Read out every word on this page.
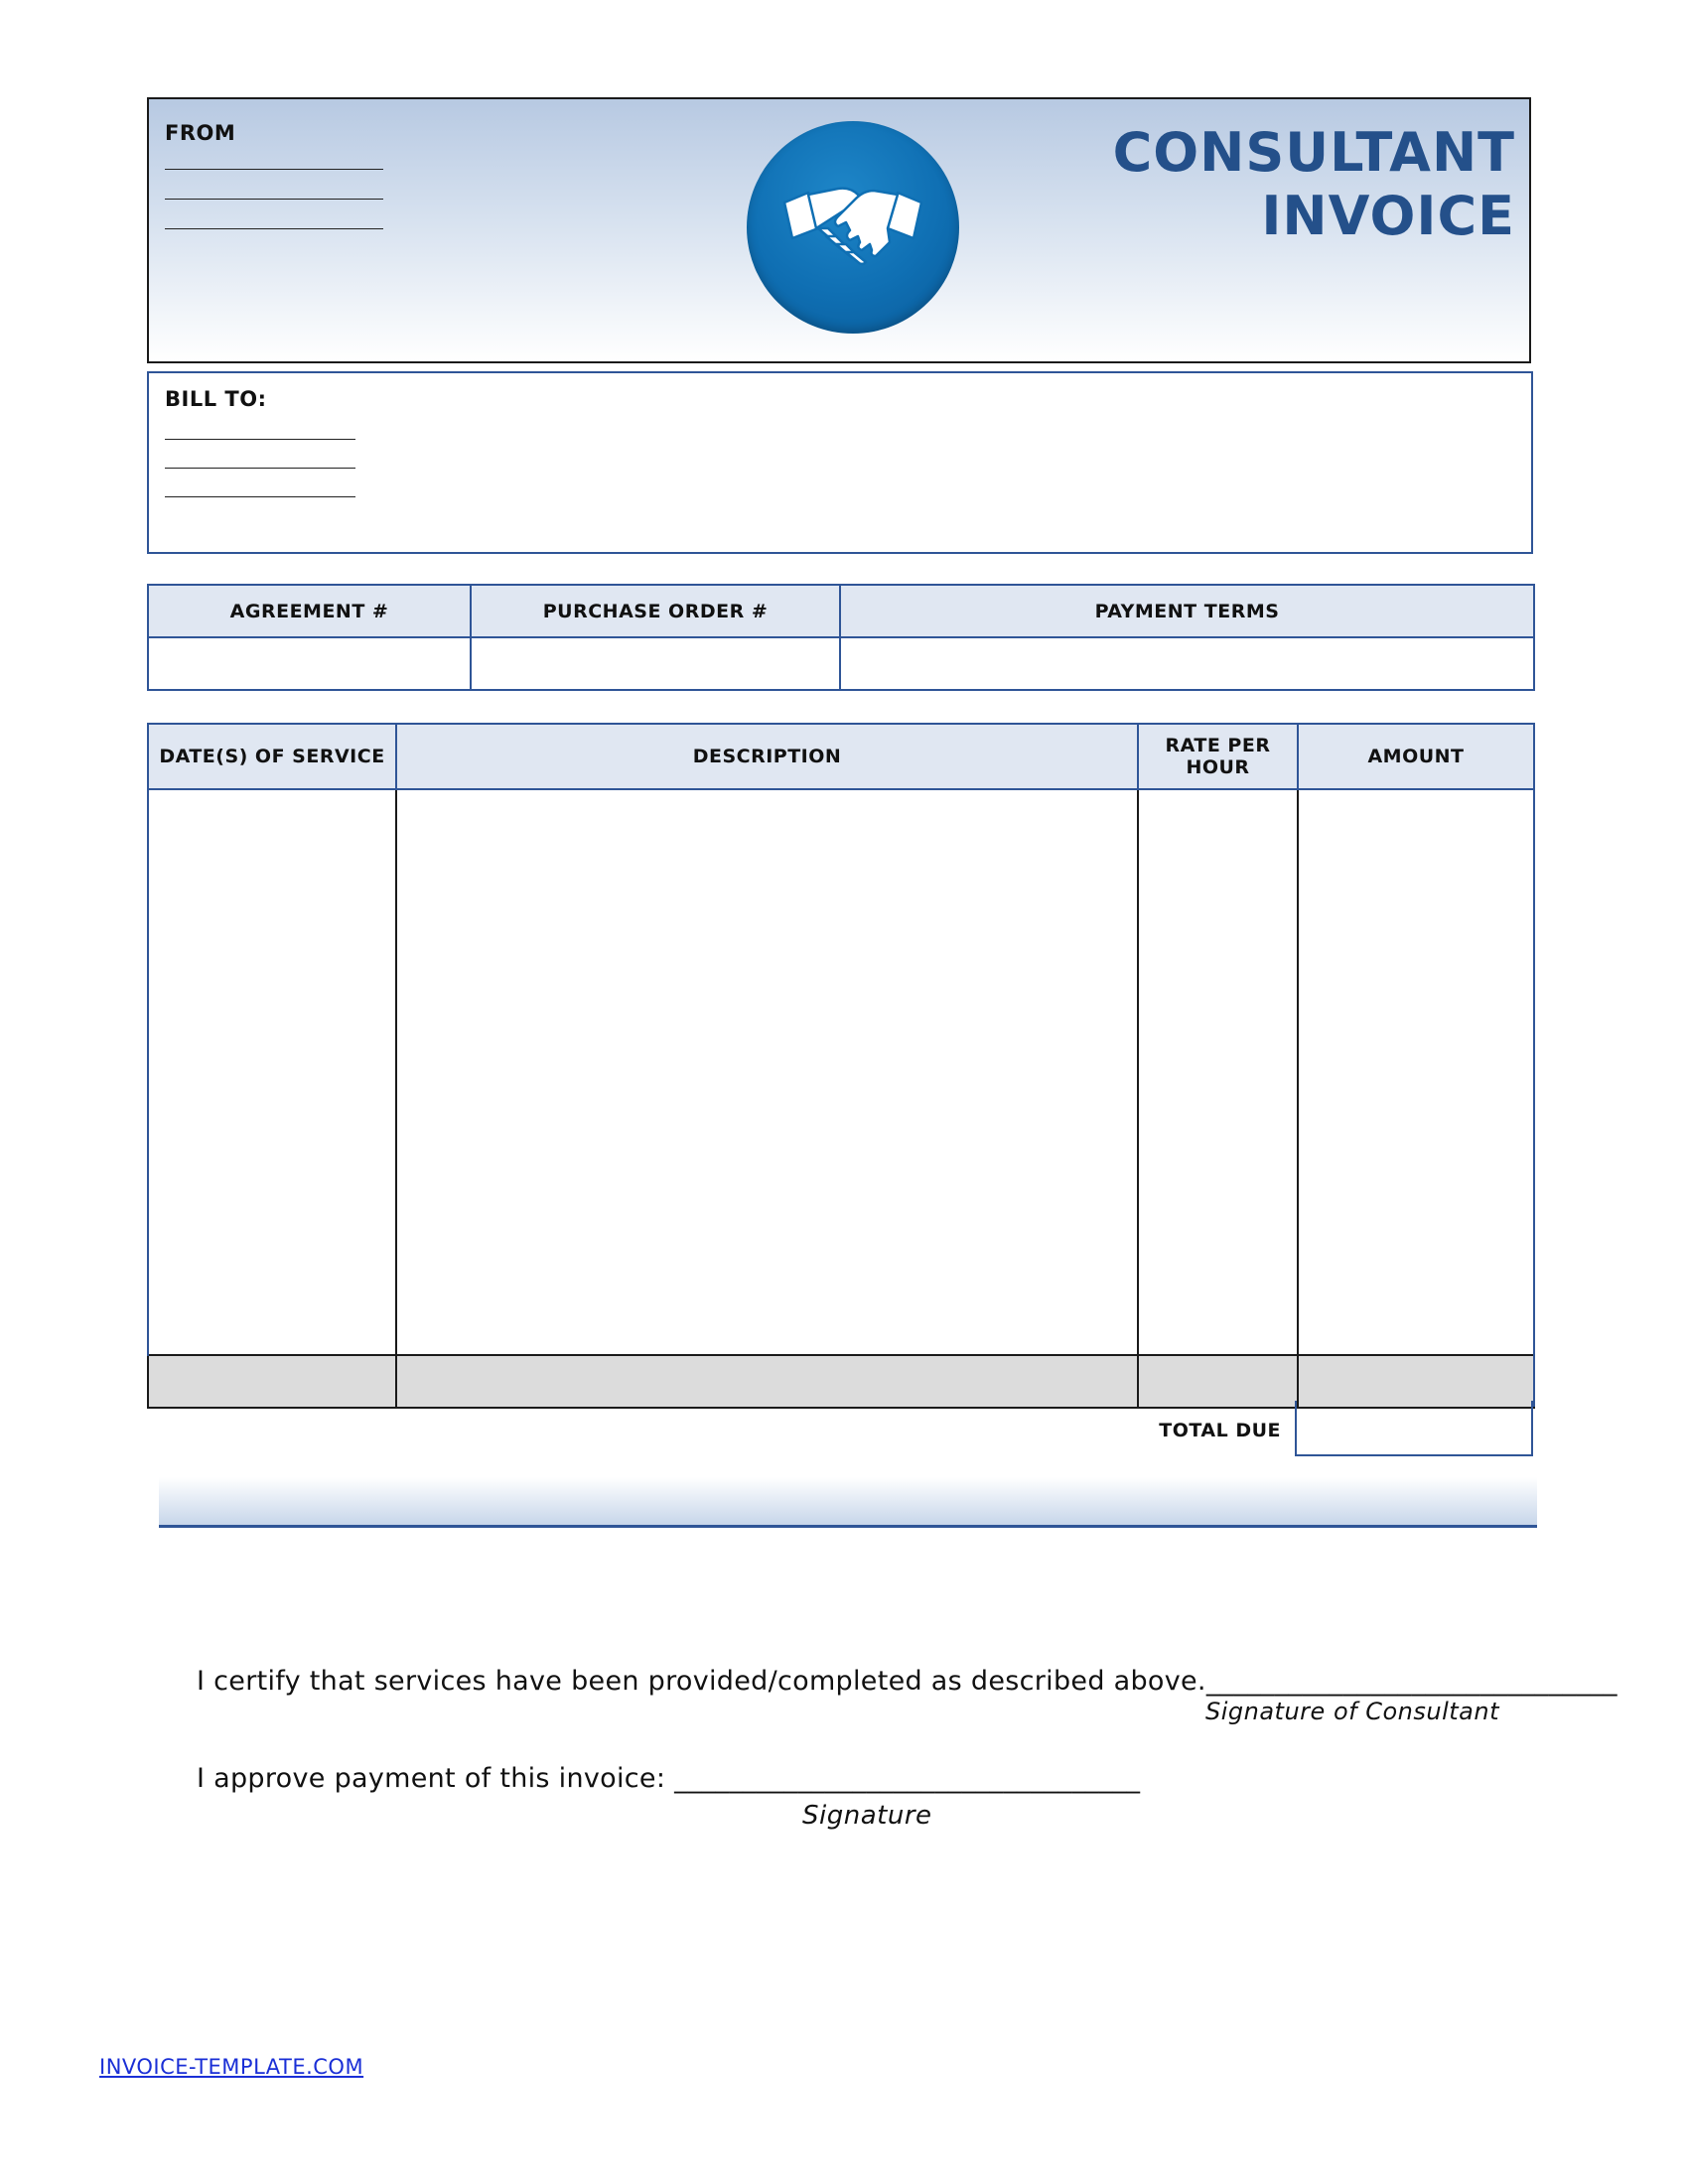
FROM	CONSULTANT
INVOICE
BILL TO:
AGREEMENT #	PURCHASE ORDER #	PAYMENT TERMS

DATE(S) OF SERVICE	DESCRIPTION	RATE PER HOUR	AMOUNT

TOTAL DUE
I certify that services have been provided/completed as described above.______________________________
Signature of Consultant
I approve payment of this invoice: __________________________________
Signature
INVOICE-TEMPLATE.COM
